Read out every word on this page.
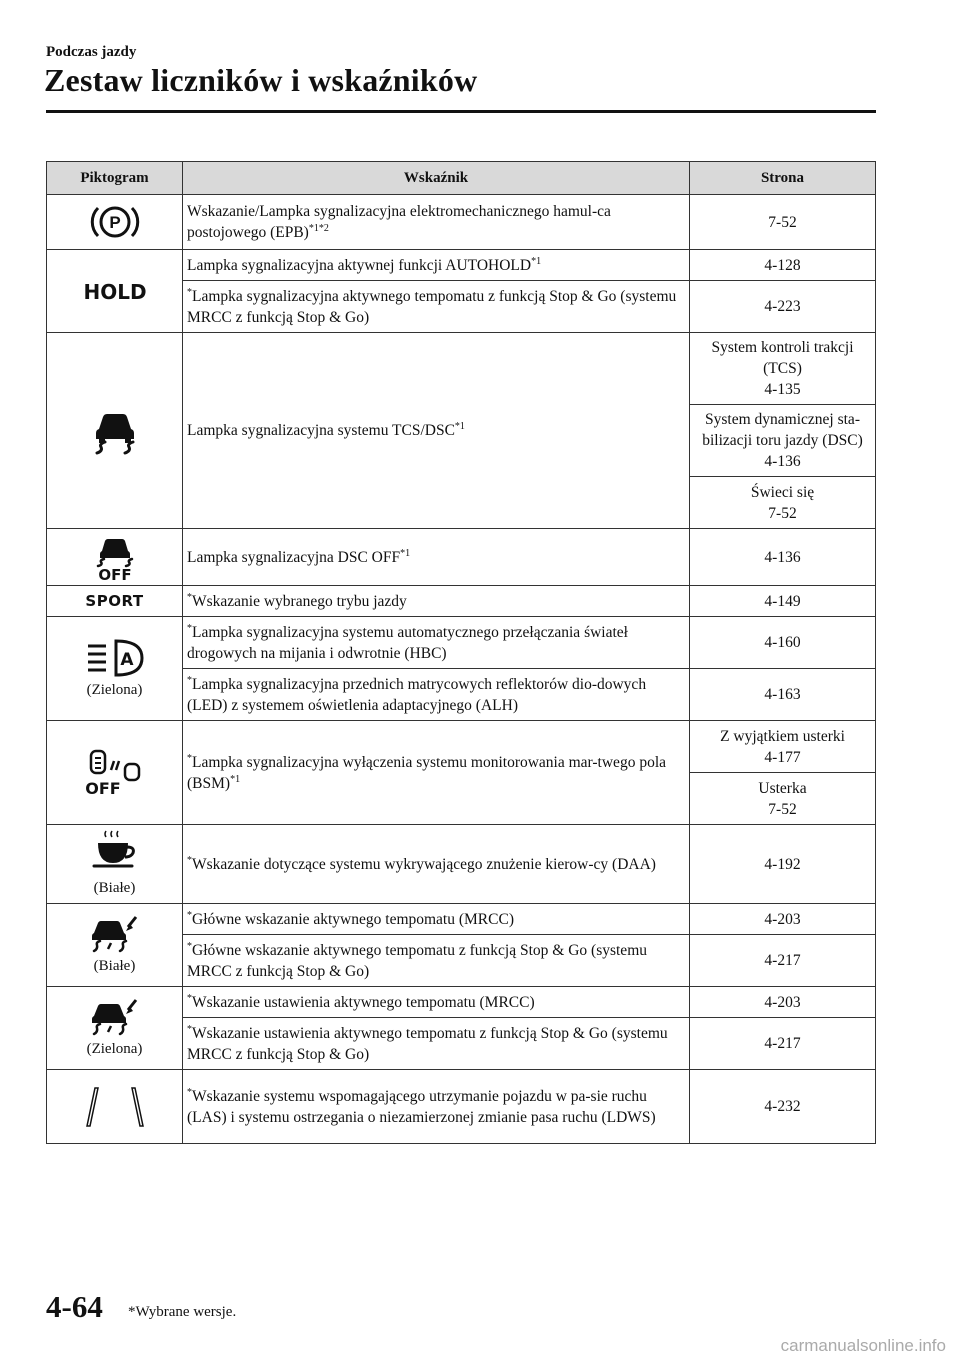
Podczas jazdy
Zestaw liczników i wskaźników
Piktogram	Wskaźnik	Strona

P	Wskazanie/Lampka sygnalizacyjna elektromechanicznego hamul-ca postojowego (EPB)$^{*1*2}$	7-52

HOLD	Lampka sygnalizacyjna aktywnej funkcji AUTOHOLD$^{*1}$	4-128
	*Lampka sygnalizacyjna aktywnego tempomatu z funkcją Stop & Go (systemu MRCC z funkcją Stop & Go)	4-223

	Lampka sygnalizacyjna systemu TCS/DSC$^{*1}$	System kontroli trakcji
(TCS)
4-135

		System dynamicznej sta-
bilizacji toru jazdy (DSC)
4-136

		Świeci się
7-52

OFF	Lampka sygnalizacyjna DSC OFF$^{*1}$	4-136
SPORT	*Wskazanie wybranego trybu jazdy	4-149

A
(Zielona)	*Lampka sygnalizacyjna systemu automatycznego przełączania świateł drogowych na mijania i odwrotnie (HBC)	4-160
	*Lampka sygnalizacyjna przednich matrycowych reflektorów dio-dowych (LED) z systemem oświetlenia adaptacyjnego (ALH)	4-163

OFF	*Lampka sygnalizacyjna wyłączenia systemu monitorowania mar-twego pola (BSM)$^{*1}$	Z wyjątkiem usterki
4-177

		Usterka
7-52

(Białe)	*Wskazanie dotyczące systemu wykrywającego znużenie kierow-cy (DAA)	4-192

(Białe)	*Główne wskazanie aktywnego tempomatu (MRCC)	4-203
	*Główne wskazanie aktywnego tempomatu z funkcją Stop & Go (systemu MRCC z funkcją Stop & Go)	4-217

(Zielona)	*Wskazanie ustawienia aktywnego tempomatu (MRCC)	4-203
	*Wskazanie ustawienia aktywnego tempomatu z funkcją Stop & Go (systemu MRCC z funkcją Stop & Go)	4-217

	*Wskazanie systemu wspomagającego utrzymanie pojazdu w pa-sie ruchu (LAS) i systemu ostrzegania o niezamierzonej zmianie pasa ruchu (LDWS)	4-232
4-64 *Wybrane wersje.
carmanualsonline.info
